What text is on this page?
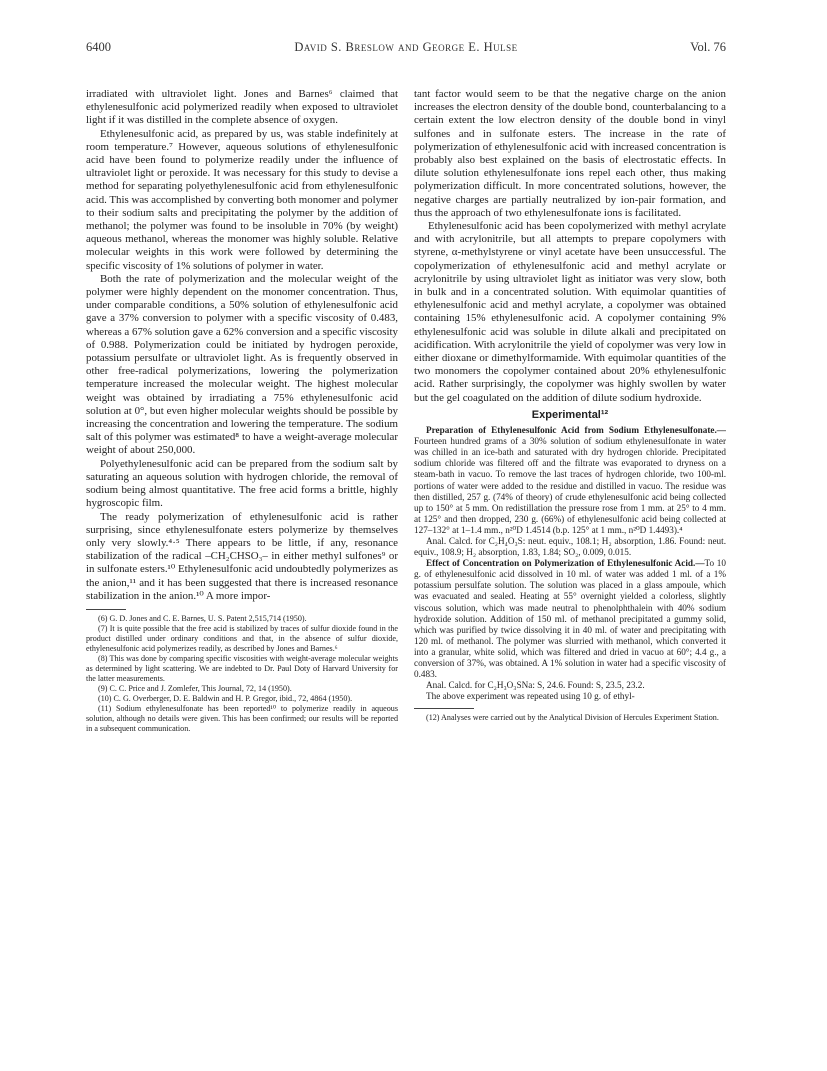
6400	David S. Breslow and George E. Hulse	Vol. 76

irradiated with ultraviolet light. Jones and Barnes⁶ claimed that ethylenesulfonic acid polymerized readily when exposed to ultraviolet light if it was distilled in the complete absence of oxygen.

Ethylenesulfonic acid, as prepared by us, was stable indefinitely at room temperature.⁷ However, aqueous solutions of ethylenesulfonic acid have been found to polymerize readily under the influence of ultraviolet light or peroxide. It was necessary for this study to devise a method for separating polyethylenesulfonic acid from ethylenesulfonic acid. This was accomplished by converting both monomer and polymer to their sodium salts and precipitating the polymer by the addition of methanol; the polymer was found to be insoluble in 70% (by weight) aqueous methanol, whereas the monomer was highly soluble. Relative molecular weights in this work were followed by determining the specific viscosity of 1% solutions of polymer in water.

Both the rate of polymerization and the molecular weight of the polymer were highly dependent on the monomer concentration. Thus, under comparable conditions, a 50% solution of ethylenesulfonic acid gave a 37% conversion to polymer with a specific viscosity of 0.483, whereas a 67% solution gave a 62% conversion and a specific viscosity of 0.988. Polymerization could be initiated by hydrogen peroxide, potassium persulfate or ultraviolet light. As is frequently observed in other free-radical polymerizations, lowering the polymerization temperature increased the molecular weight. The highest molecular weight was obtained by irradiating a 75% ethylenesulfonic acid solution at 0°, but even higher molecular weights should be possible by increasing the concentration and lowering the temperature. The sodium salt of this polymer was estimated⁸ to have a weight-average molecular weight of about 250,000.

Polyethylenesulfonic acid can be prepared from the sodium salt by saturating an aqueous solution with hydrogen chloride, the removal of sodium being almost quantitative. The free acid forms a brittle, highly hygroscopic film.

The ready polymerization of ethylenesulfonic acid is rather surprising, since ethylenesulfonate esters polymerize by themselves only very slowly.⁴·⁵ There appears to be little, if any, resonance stabilization of the radical –CH₂CHSO₃– in either methyl sulfones⁹ or in sulfonate esters.¹⁰ Ethylenesulfonic acid undoubtedly polymerizes as the anion,¹¹ and it has been suggested that there is increased resonance stabilization in the anion.¹⁰ A more impor-

(6) G. D. Jones and C. E. Barnes, U. S. Patent 2,515,714 (1950).

(7) It is quite possible that the free acid is stabilized by traces of sulfur dioxide found in the product distilled under ordinary conditions and that, in the absence of sulfur dioxide, ethylenesulfonic acid polymerizes readily, as described by Jones and Barnes.⁶

(8) This was done by comparing specific viscosities with weight-average molecular weights as determined by light scattering. We are indebted to Dr. Paul Doty of Harvard University for the latter measurements.

(9) C. C. Price and J. Zomlefer, This Journal, 72, 14 (1950).

(10) C. G. Overberger, D. E. Baldwin and H. P. Gregor, ibid., 72, 4864 (1950).

(11) Sodium ethylenesulfonate has been reported¹⁰ to polymerize readily in aqueous solution, although no details were given. This has been confirmed; our results will be reported in a subsequent communication.

tant factor would seem to be that the negative charge on the anion increases the electron density of the double bond, counterbalancing to a certain extent the low electron density of the double bond in vinyl sulfones and in sulfonate esters. The increase in the rate of polymerization of ethylenesulfonic acid with increased concentration is probably also best explained on the basis of electrostatic effects. In dilute solution ethylenesulfonate ions repel each other, thus making polymerization difficult. In more concentrated solutions, however, the negative charges are partially neutralized by ion-pair formation, and thus the approach of two ethylenesulfonate ions is facilitated.

Ethylenesulfonic acid has been copolymerized with methyl acrylate and with acrylonitrile, but all attempts to prepare copolymers with styrene, α-methylstyrene or vinyl acetate have been unsuccessful. The copolymerization of ethylenesulfonic acid and methyl acrylate or acrylonitrile by using ultraviolet light as initiator was very slow, both in bulk and in a concentrated solution. With equimolar quantities of ethylenesulfonic acid and methyl acrylate, a copolymer was obtained containing 15% ethylenesulfonic acid. A copolymer containing 9% ethylenesulfonic acid was soluble in dilute alkali and precipitated on acidification. With acrylonitrile the yield of copolymer was very low in either dioxane or dimethylformamide. With equimolar quantities of the two monomers the copolymer contained about 20% ethylenesulfonic acid. Rather surprisingly, the copolymer was highly swollen by water but the gel coagulated on the addition of dilute sodium hydroxide.

Experimental¹²

Preparation of Ethylenesulfonic Acid from Sodium Ethylenesulfonate.—Fourteen hundred grams of a 30% solution of sodium ethylenesulfonate in water was chilled in an ice-bath and saturated with dry hydrogen chloride. Precipitated sodium chloride was filtered off and the filtrate was evaporated to dryness on a steam-bath in vacuo. To remove the last traces of hydrogen chloride, two 100-ml. portions of water were added to the residue and distilled in vacuo. The residue was then distilled, 257 g. (74% of theory) of crude ethylenesulfonic acid being collected up to 150° at 5 mm. On redistillation the pressure rose from 1 mm. at 25° to 4 mm. at 125° and then dropped, 230 g. (66%) of ethylenesulfonic acid being collected at 127–132° at 1–1.4 mm., n²⁰D 1.4514 (b.p. 125° at 1 mm., n²⁰D 1.4493).⁴

Anal. Calcd. for C₂H₄O₃S: neut. equiv., 108.1; H₂ absorption, 1.86. Found: neut. equiv., 108.9; H₂ absorption, 1.83, 1.84; SO₂, 0.009, 0.015.

Effect of Concentration on Polymerization of Ethylenesulfonic Acid.—To 10 g. of ethylenesulfonic acid dissolved in 10 ml. of water was added 1 ml. of a 1% potassium persulfate solution. The solution was placed in a glass ampoule, which was evacuated and sealed. Heating at 55° overnight yielded a colorless, slightly viscous solution, which was made neutral to phenolphthalein with 40% sodium hydroxide solution. Addition of 150 ml. of methanol precipitated a gummy solid, which was purified by twice dissolving it in 40 ml. of water and precipitating with 120 ml. of methanol. The polymer was slurried with methanol, which converted it into a granular, white solid, which was filtered and dried in vacuo at 60°; 4.4 g., a conversion of 37%, was obtained. A 1% solution in water had a specific viscosity of 0.483.

Anal. Calcd. for C₂H₃O₃SNa: S, 24.6. Found: S, 23.5, 23.2.

The above experiment was repeated using 10 g. of ethyl-

(12) Analyses were carried out by the Analytical Division of Hercules Experiment Station.
